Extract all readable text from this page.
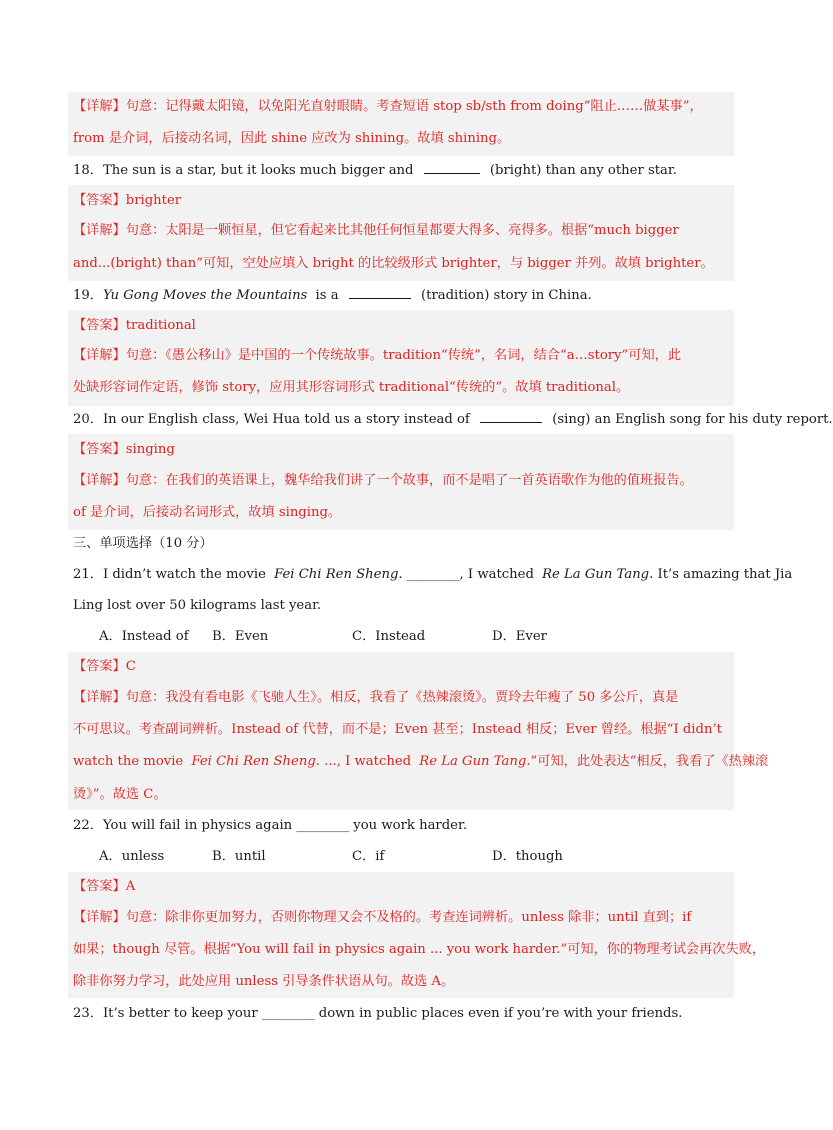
【详解】句意：记得戴太阳镜，以免阳光直射眼睛。考查短语 stop sb/sth from doing“阻止……做某事”，
from 是介词，后接动名词，因此 shine 应改为 shining。故填 shining。
18．The sun is a star, but it looks much bigger and	(bright) than any other star.
【答案】brighter
【详解】句意：太阳是一颗恒星，但它看起来比其他任何恒星都要大得多、亮得多。根据“much bigger
and...(bright) than”可知，空处应填入 bright 的比较级形式 brighter，与 bigger 并列。故填 brighter。
19．Yu Gong Moves the Mountains is a	(tradition) story in China.
【答案】traditional
【详解】句意：《愚公移山》是中国的一个传统故事。tradition“传统”，名词，结合“a…story”可知，此
处缺形容词作定语，修饰 story，应用其形容词形式 traditional“传统的”。故填 traditional。
20．In our English class, Wei Hua told us a story instead of	(sing) an English song for his duty report.
【答案】singing
【详解】句意：在我们的英语课上，魏华给我们讲了一个故事，而不是唱了一首英语歌作为他的值班报告。
of 是介词，后接动名词形式，故填 singing。
三、单项选择（10 分）
21．I didn’t watch the movie Fei Chi Ren Sheng. ________, I watched Re La Gun Tang. It’s amazing that Jia
Ling lost over 50 kilograms last year.
A．Instead of B．Even	C．Instead	D．Ever
【答案】C
【详解】句意：我没有看电影《飞驰人生》。相反，我看了《热辣滚烫》。贾玲去年瘦了 50 多公斤，真是
不可思议。考查副词辨析。Instead of 代替，而不是；Even 甚至；Instead 相反；Ever 曾经。根据“I didn’t
watch the movie Fei Chi Ren Sheng. ..., I watched Re La Gun Tang.”可知，此处表达“相反，我看了《热辣滚
烫》”。故选 C。
22．You will fail in physics again ________ you work harder.
A．unless	B．until	C．if	D．though
【答案】A
【详解】句意：除非你更加努力，否则你物理又会不及格的。考查连词辨析。unless 除非；until 直到；if
如果；though 尽管。根据“You will fail in physics again ... you work harder.”可知，你的物理考试会再次失败，
除非你努力学习，此处应用 unless 引导条件状语从句。故选 A。
23．It’s better to keep your ________ down in public places even if you’re with your friends.
